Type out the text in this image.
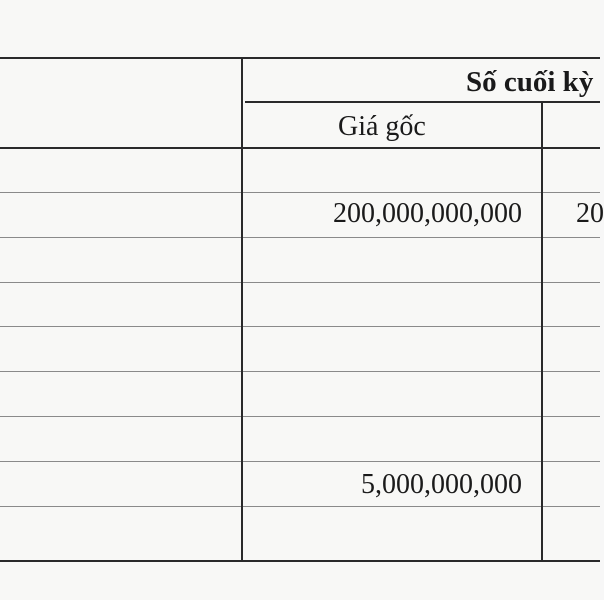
Số cuối kỳ
Giá gốc
200,000,000,000 20
5,000,000,000
